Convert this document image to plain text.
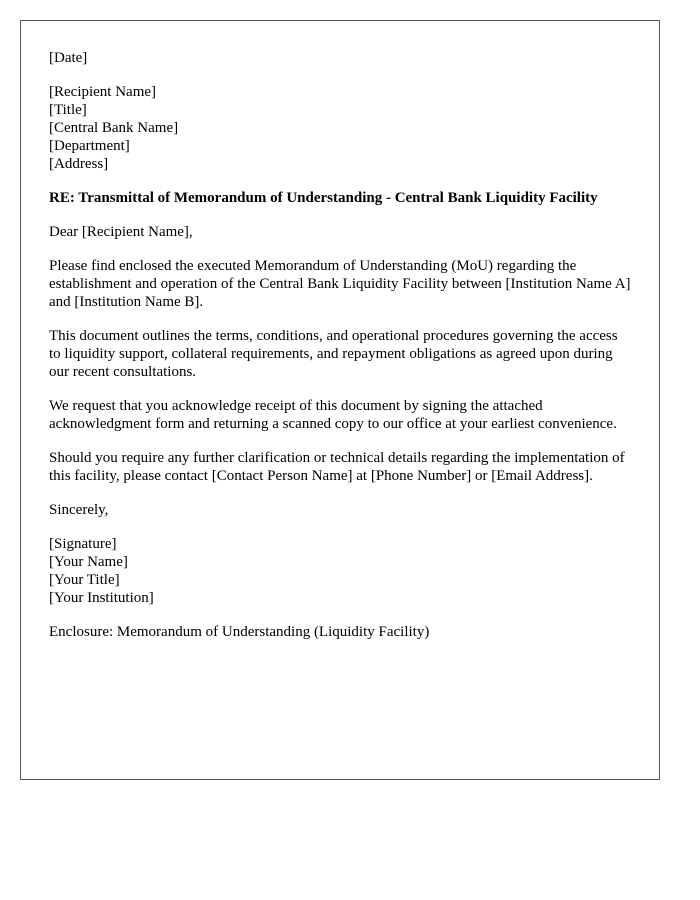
[Date]
[Recipient Name]
[Title]
[Central Bank Name]
[Department]
[Address]

RE: Transmittal of Memorandum of Understanding - Central Bank Liquidity Facility

Dear [Recipient Name],

Please find enclosed the executed Memorandum of Understanding (MoU) regarding the establishment and operation of the Central Bank Liquidity Facility between [Institution Name A] and [Institution Name B].

This document outlines the terms, conditions, and operational procedures governing the access to liquidity support, collateral requirements, and repayment obligations as agreed upon during our recent consultations.

We request that you acknowledge receipt of this document by signing the attached acknowledgment form and returning a scanned copy to our office at your earliest convenience.

Should you require any further clarification or technical details regarding the implementation of this facility, please contact [Contact Person Name] at [Phone Number] or [Email Address].

Sincerely,

[Signature]
[Your Name]
[Your Title]
[Your Institution]

Enclosure: Memorandum of Understanding (Liquidity Facility)
